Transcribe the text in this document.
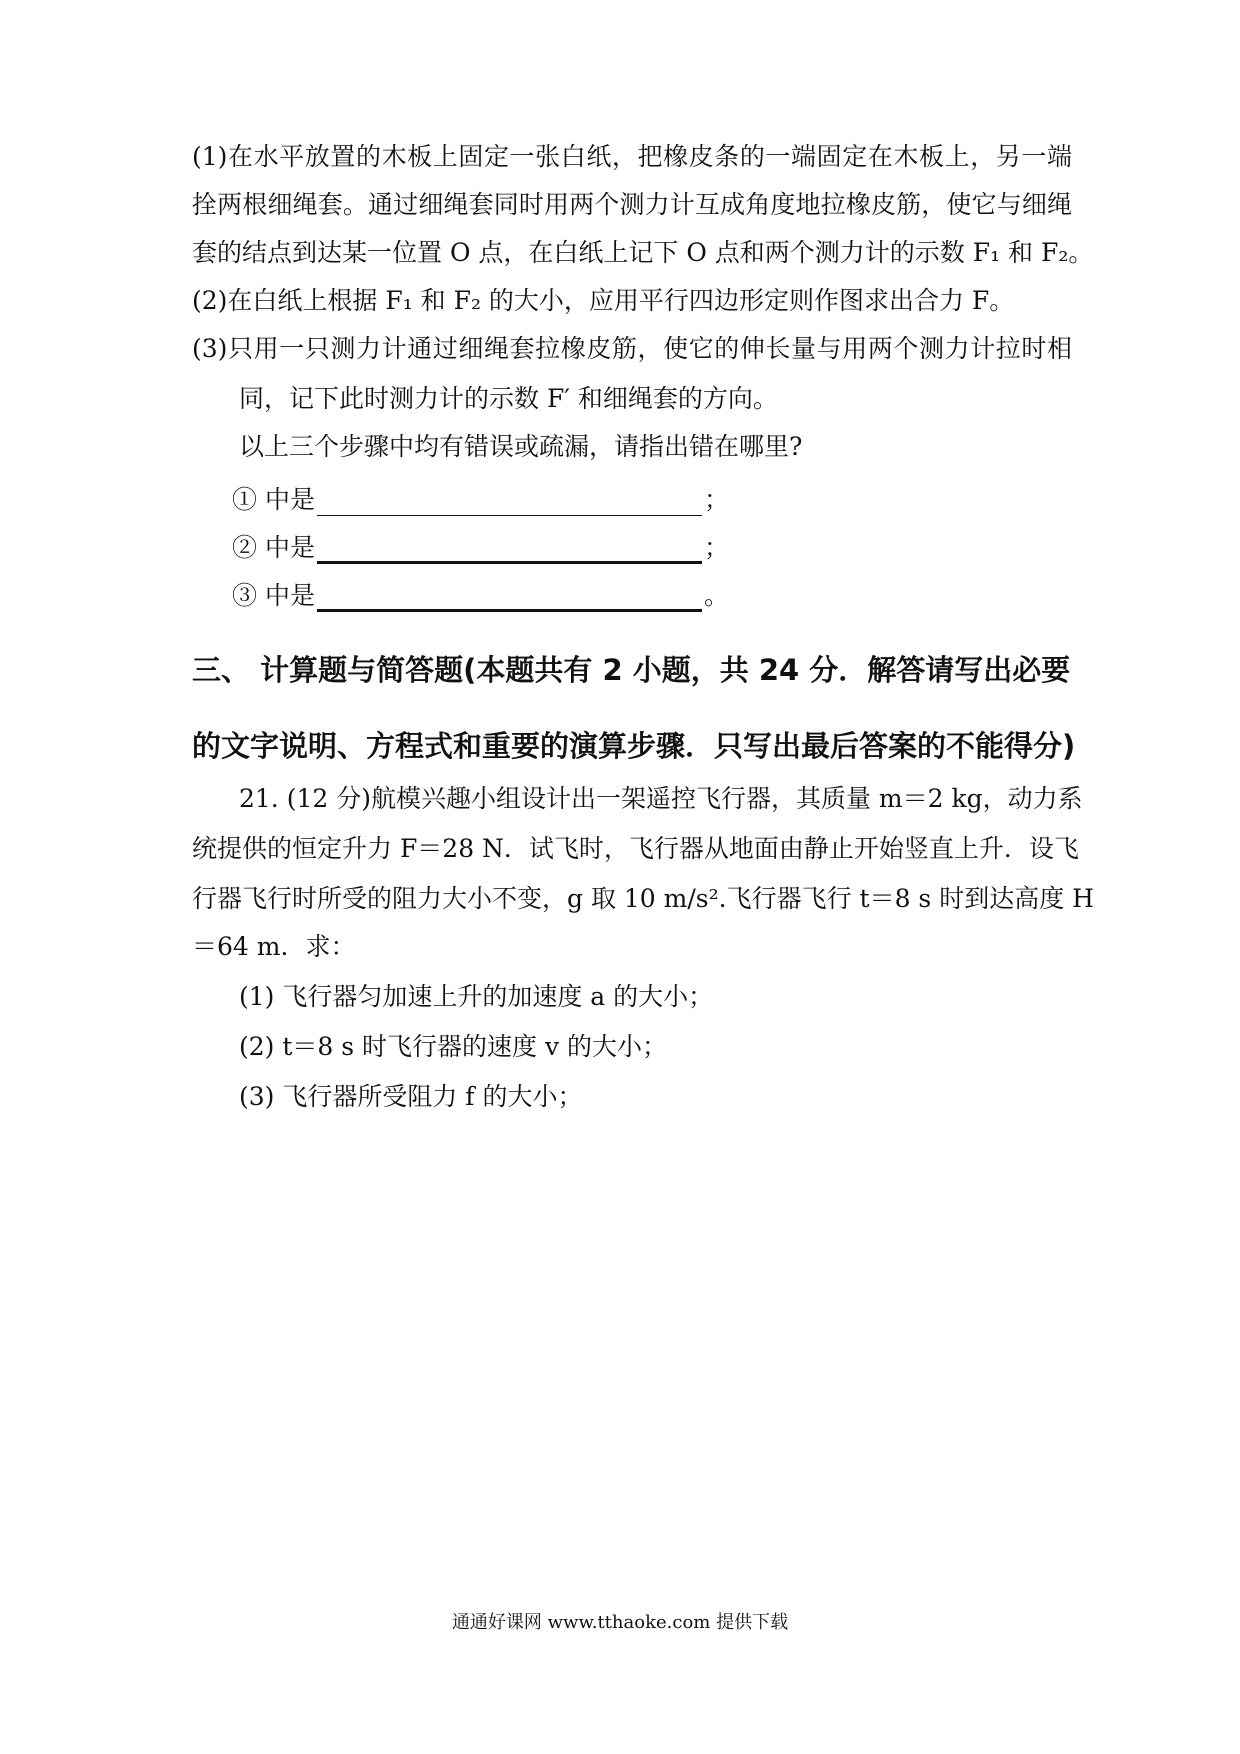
(1)在水平放置的木板上固定一张白纸，把橡皮条的一端固定在木板上，另一端
拴两根细绳套。通过细绳套同时用两个测力计互成角度地拉橡皮筋，使它与细绳
套的结点到达某一位置 O 点，在白纸上记下 O 点和两个测力计的示数 F₁ 和 F₂。
(2)在白纸上根据 F₁ 和 F₂ 的大小，应用平行四边形定则作图求出合力 F。
(3)只用一只测力计通过细绳套拉橡皮筋，使它的伸长量与用两个测力计拉时相
同，记下此时测力计的示数 F′ 和细绳套的方向。
以上三个步骤中均有错误或疏漏，请指出错在哪里?
① 中是	；
② 中是	；
③ 中是	。
三、 计算题与简答题(本题共有 2 小题，共 24 分．解答请写出必要
的文字说明、方程式和重要的演算步骤．只写出最后答案的不能得分)
21. (12 分)航模兴趣小组设计出一架遥控飞行器，其质量 m＝2 kg，动力系
统提供的恒定升力 F＝28 N．试飞时，飞行器从地面由静止开始竖直上升．设飞
行器飞行时所受的阻力大小不变，g 取 10 m/s².飞行器飞行 t＝8 s 时到达高度 H
＝64 m．求：
(1) 飞行器匀加速上升的加速度 a 的大小；
(2) t＝8 s 时飞行器的速度 v 的大小；
(3) 飞行器所受阻力 f 的大小；
通通好课网 www.tthaoke.com 提供下载
